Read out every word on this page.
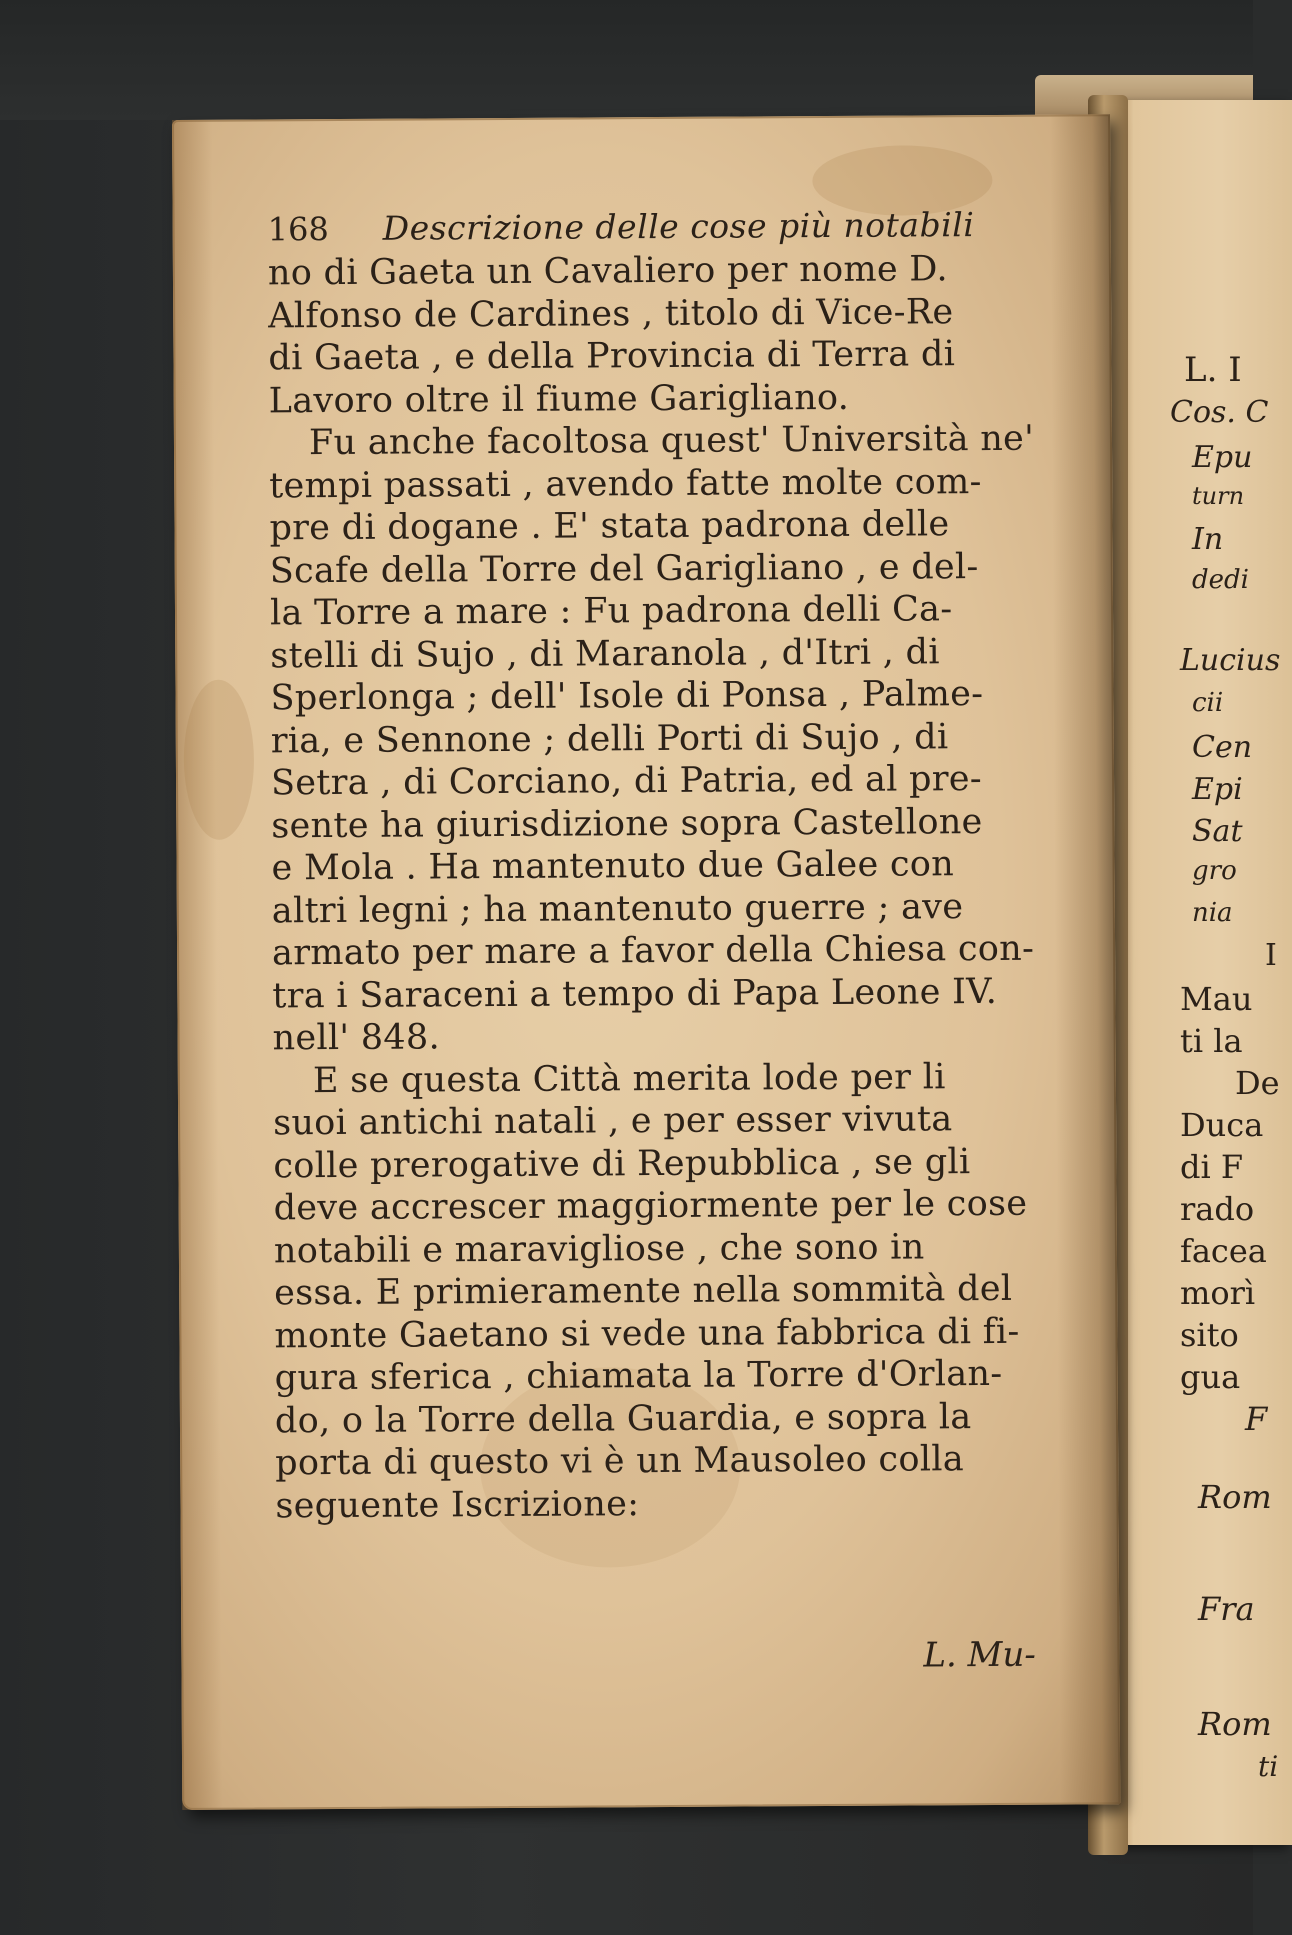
L. I
Cos. C
Epu
turn
In
dedi
Lucius
cii
Cen
Epi
Sat
gro
nia
I
Mau
ti la
De
Duca
di F
rado
facea
morì
sito
gua
F
Rom
Fra
Rom
ti
168	Descrizione delle cose più notabili
no di Gaeta un Cavaliero per nome D.
Alfonso de Cardines , titolo di Vice-Re
di Gaeta , e della Provincia di Terra di
Lavoro oltre il fiume Garigliano.
Fu anche facoltosa quest' Università ne'
tempi passati , avendo fatte molte com-
pre di dogane . E' stata padrona delle
Scafe della Torre del Garigliano , e del-
la Torre a mare : Fu padrona delli Ca-
stelli di Sujo , di Maranola , d'Itri , di
Sperlonga ; dell' Isole di Ponsa , Palme-
ria, e Sennone ; delli Porti di Sujo , di
Setra , di Corciano, di Patria, ed al pre-
sente ha giurisdizione sopra Castellone
e Mola . Ha mantenuto due Galee con
altri legni ; ha mantenuto guerre ; ave
armato per mare a favor della Chiesa con-
tra i Saraceni a tempo di Papa Leone IV.
nell' 848.
E se questa Città merita lode per li
suoi antichi natali , e per esser vivuta
colle prerogative di Repubblica , se gli
deve accrescer maggiormente per le cose
notabili e maravigliose , che sono in
essa. E primieramente nella sommità del
monte Gaetano si vede una fabbrica di fi-
gura sferica , chiamata la Torre d'Orlan-
do, o la Torre della Guardia, e sopra la
porta di questo vi è un Mausoleo colla
seguente Iscrizione:
L. Mu-
